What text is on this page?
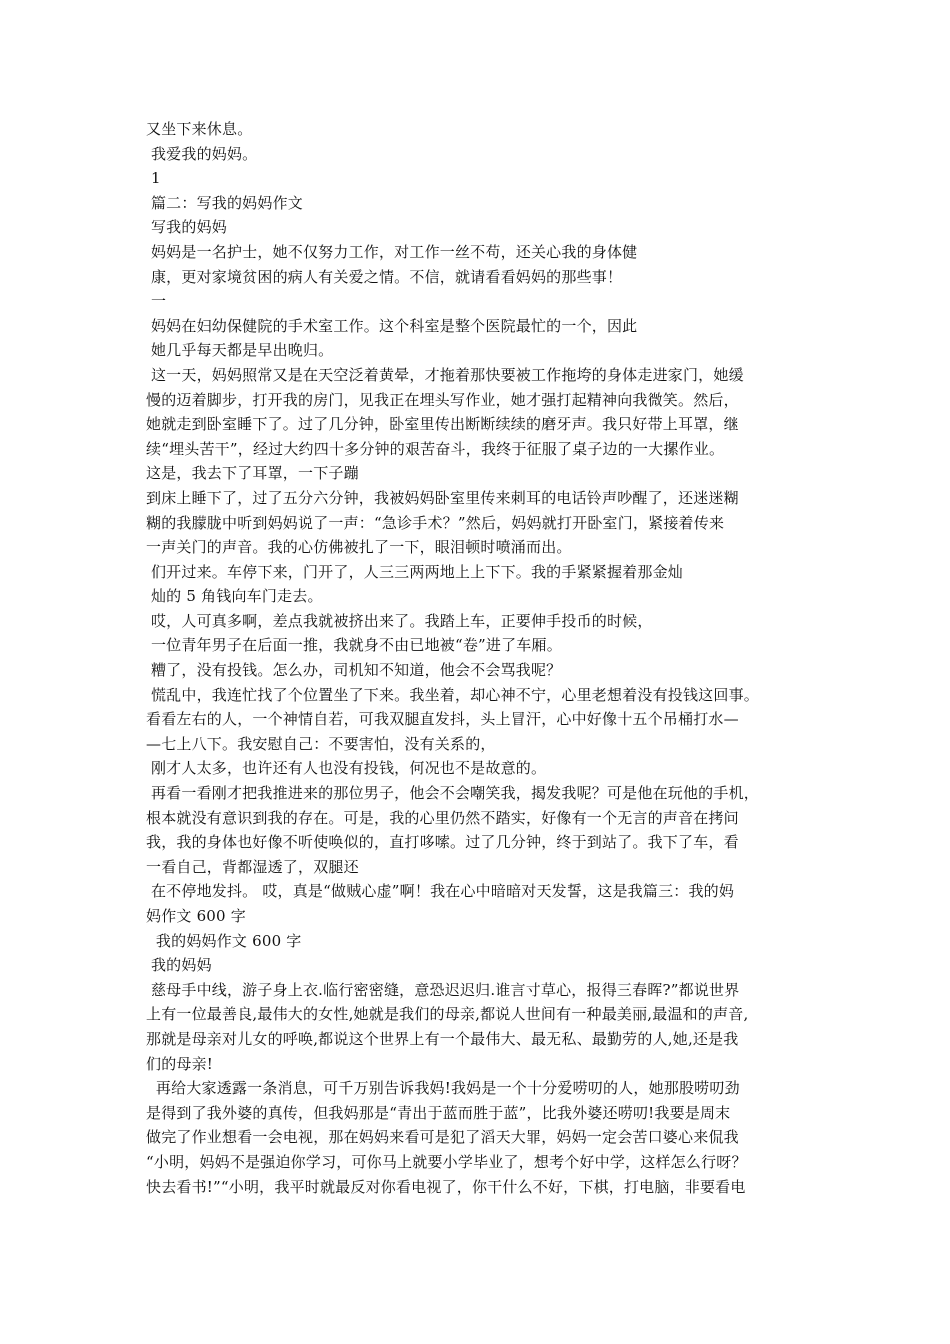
又坐下来休息。
我爱我的妈妈。
1
篇二：写我的妈妈作文
写我的妈妈
妈妈是一名护士，她不仅努力工作，对工作一丝不苟，还关心我的身体健
康，更对家境贫困的病人有关爱之情。不信，就请看看妈妈的那些事！
一
妈妈在妇幼保健院的手术室工作。这个科室是整个医院最忙的一个，因此
她几乎每天都是早出晚归。
这一天，妈妈照常又是在天空泛着黄晕，才拖着那快要被工作拖垮的身体走进家门，她缓
慢的迈着脚步，打开我的房门，见我正在埋头写作业，她才强打起精神向我微笑。然后，
她就走到卧室睡下了。过了几分钟，卧室里传出断断续续的磨牙声。我只好带上耳罩，继
续“埋头苦干”，经过大约四十多分钟的艰苦奋斗，我终于征服了桌子边的一大摞作业。
这是，我去下了耳罩，一下子蹦
到床上睡下了，过了五分六分钟，我被妈妈卧室里传来刺耳的电话铃声吵醒了，还迷迷糊
糊的我朦胧中听到妈妈说了一声：“急诊手术？”然后，妈妈就打开卧室门，紧接着传来
一声关门的声音。我的心仿佛被扎了一下，眼泪顿时喷涌而出。
们开过来。车停下来，门开了，人三三两两地上上下下。我的手紧紧握着那金灿
灿的 5 角钱向车门走去。
哎，人可真多啊，差点我就被挤出来了。我踏上车，正要伸手投币的时候，
一位青年男子在后面一推，我就身不由已地被“卷”进了车厢。
糟了，没有投钱。怎么办，司机知不知道，他会不会骂我呢？
慌乱中，我连忙找了个位置坐了下来。我坐着，却心神不宁，心里老想着没有投钱这回事。
看看左右的人，一个神情自若，可我双腿直发抖，头上冒汗，心中好像十五个吊桶打水—
—七上八下。我安慰自己：不要害怕，没有关系的，
刚才人太多，也许还有人也没有投钱，何况也不是故意的。
再看一看刚才把我推进来的那位男子，他会不会嘲笑我，揭发我呢？可是他在玩他的手机，
根本就没有意识到我的存在。可是，我的心里仍然不踏实，好像有一个无言的声音在拷问
我，我的身体也好像不听使唤似的，直打哆嗦。过了几分钟，终于到站了。我下了车，看
一看自己，背都湿透了，双腿还
在不停地发抖。 哎，真是“做贼心虚”啊！我在心中暗暗对天发誓，这是我篇三：我的妈
妈作文 600 字
我的妈妈作文 600 字
我的妈妈
慈母手中线，游子身上衣.临行密密缝，意恐迟迟归.谁言寸草心，报得三春晖?”都说世界
上有一位最善良,最伟大的女性,她就是我们的母亲,都说人世间有一种最美丽,最温和的声音,
那就是母亲对儿女的呼唤,都说这个世界上有一个最伟大、最无私、最勤劳的人,她,还是我
们的母亲!
再给大家透露一条消息，可千万别告诉我妈!我妈是一个十分爱唠叨的人，她那股唠叨劲
是得到了我外婆的真传，但我妈那是“青出于蓝而胜于蓝”，比我外婆还唠叨!我要是周末
做完了作业想看一会电视，那在妈妈来看可是犯了滔天大罪，妈妈一定会苦口婆心来侃我
“小明，妈妈不是强迫你学习，可你马上就要小学毕业了，想考个好中学，这样怎么行呀？
快去看书!”“小明，我平时就最反对你看电视了，你干什么不好，下棋，打电脑，非要看电
